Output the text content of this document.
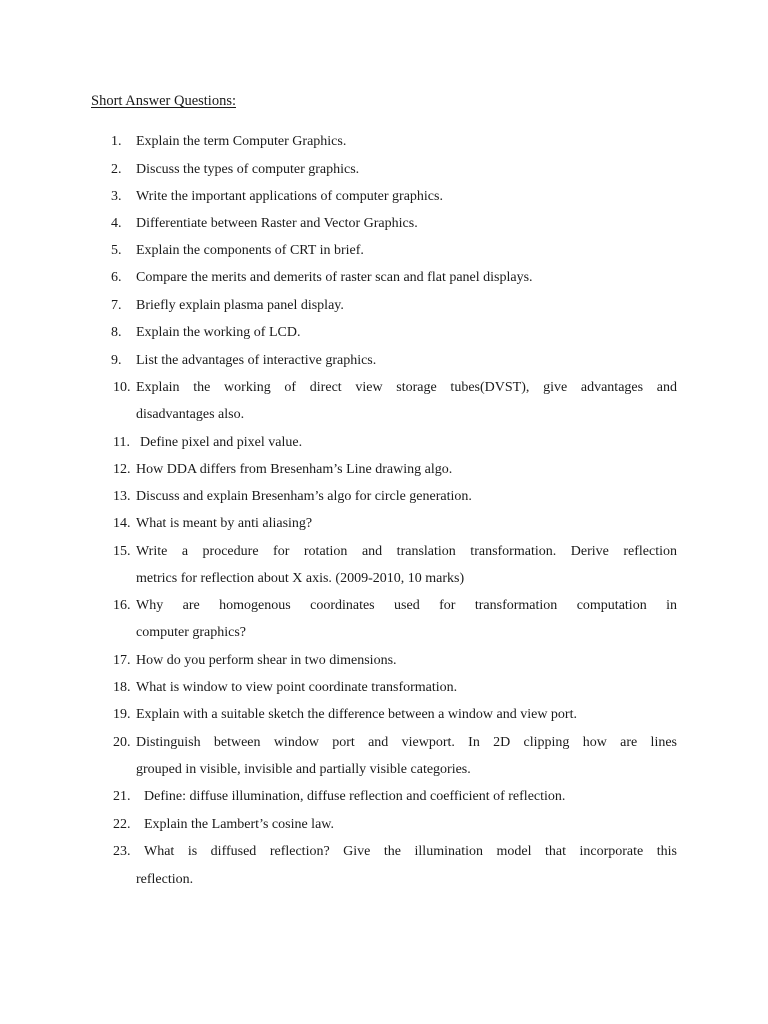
Short Answer Questions:
1. Explain the term Computer Graphics.
2. Discuss the types of computer graphics.
3. Write the important applications of computer graphics.
4. Differentiate between Raster and Vector Graphics.
5. Explain the components of CRT in brief.
6. Compare the merits and demerits of raster scan and flat panel displays.
7. Briefly explain plasma panel display.
8. Explain the working of LCD.
9. List the advantages of interactive graphics.
10. Explain the working of direct view storage tubes(DVST), give advantages and
disadvantages also.
11. Define pixel and pixel value.
12. How DDA differs from Bresenham’s Line drawing algo.
13. Discuss and explain Bresenham’s algo for circle generation.
14. What is meant by anti aliasing?
15. Write a procedure for rotation and translation transformation. Derive reflection
metrics for reflection about X axis. (2009-2010, 10 marks)
16. Why are homogenous coordinates used for transformation computation in
computer graphics?
17. How do you perform shear in two dimensions.
18. What is window to view point coordinate transformation.
19. Explain with a suitable sketch the difference between a window and view port.
20. Distinguish between window port and viewport. In 2D clipping how are lines
grouped in visible, invisible and partially visible categories.
21. Define: diffuse illumination, diffuse reflection and coefficient of reflection.
22. Explain the Lambert’s cosine law.
23. What is diffused reflection? Give the illumination model that incorporate this
reflection.
